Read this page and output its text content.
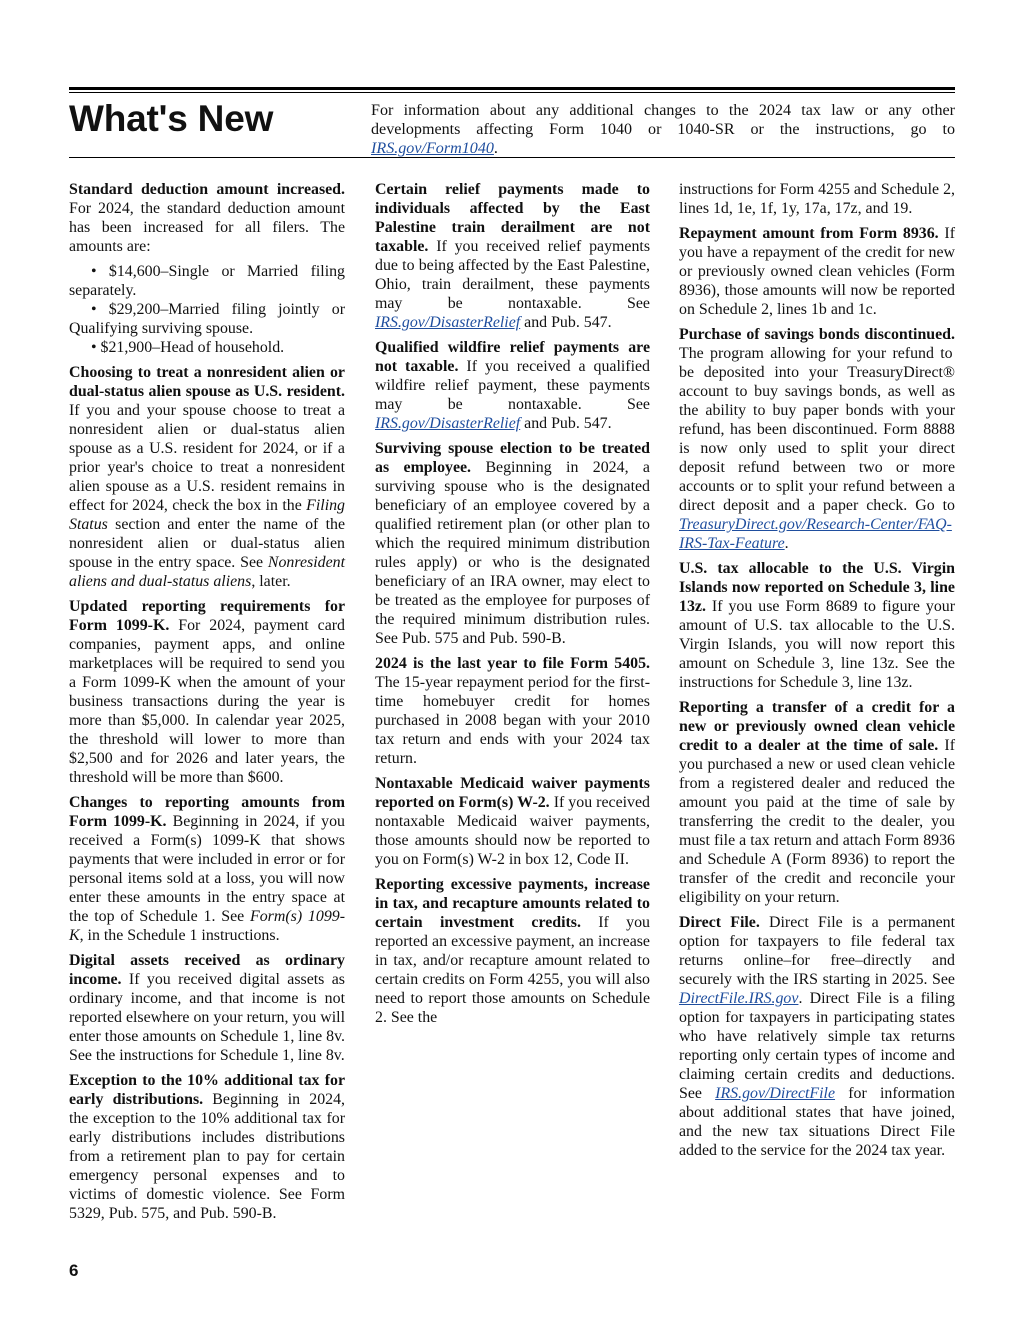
What's New	For information about any additional changes to the 2024 tax law or any other developments affecting Form 1040 or 1040-SR or the instructions, go to IRS.gov/Form1040.

Standard deduction amount increased. For 2024, the standard deduction amount has been increased for all filers. The amounts are:

• $14,600–Single or Married filing separately.

• $29,200–Married filing jointly or Qualifying surviving spouse.

• $21,900–Head of household.

Choosing to treat a nonresident alien or dual-status alien spouse as U.S. resident. If you and your spouse choose to treat a nonresident alien or dual-status alien spouse as a U.S. resident for 2024, or if a prior year's choice to treat a nonresident alien spouse as a U.S. resident remains in effect for 2024, check the box in the Filing Status section and enter the name of the nonresident alien or dual-status alien spouse in the entry space. See Nonresident aliens and dual-status aliens, later.

Updated reporting requirements for Form 1099-K. For 2024, payment card companies, payment apps, and online marketplaces will be required to send you a Form 1099-K when the amount of your business transactions during the year is more than $5,000. In calendar year 2025, the threshold will lower to more than $2,500 and for 2026 and later years, the threshold will be more than $600.

Changes to reporting amounts from Form 1099-K. Beginning in 2024, if you received a Form(s) 1099-K that shows payments that were included in error or for personal items sold at a loss, you will now enter these amounts in the entry space at the top of Schedule 1. See Form(s) 1099-K, in the Schedule 1 instructions.

Digital assets received as ordinary income. If you received digital assets as ordinary income, and that income is not reported elsewhere on your return, you will enter those amounts on Schedule 1, line 8v. See the instructions for Schedule 1, line 8v.

Exception to the 10% additional tax for early distributions. Beginning in 2024, the exception to the 10% additional tax for early distributions includes distributions from a retirement plan to pay for certain emergency personal expenses and to victims of domestic violence. See Form 5329, Pub. 575, and Pub. 590-B.

Certain relief payments made to individuals affected by the East Palestine train derailment are not taxable. If you received relief payments due to being affected by the East Palestine, Ohio, train derailment, these payments may be nontaxable. See IRS.gov/DisasterRelief and Pub. 547.

Qualified wildfire relief payments are not taxable. If you received a qualified wildfire relief payment, these payments may be nontaxable. See IRS.gov/DisasterRelief and Pub. 547.

Surviving spouse election to be treated as employee. Beginning in 2024, a surviving spouse who is the designated beneficiary of an employee covered by a qualified retirement plan (or other plan to which the required minimum distribution rules apply) or who is the designated beneficiary of an IRA owner, may elect to be treated as the employee for purposes of the required minimum distribution rules. See Pub. 575 and Pub. 590-B.

2024 is the last year to file Form 5405. The 15-year repayment period for the first-time homebuyer credit for homes purchased in 2008 began with your 2010 tax return and ends with your 2024 tax return.

Nontaxable Medicaid waiver payments reported on Form(s) W-2. If you received nontaxable Medicaid waiver payments, those amounts should now be reported to you on Form(s) W-2 in box 12, Code II.

Reporting excessive payments, increase in tax, and recapture amounts related to certain investment credits. If you reported an excessive payment, an increase in tax, and/or recapture amount related to certain credits on Form 4255, you will also need to report those amounts on Schedule 2. See the

instructions for Form 4255 and Schedule 2, lines 1d, 1e, 1f, 1y, 17a, 17z, and 19.

Repayment amount from Form 8936. If you have a repayment of the credit for new or previously owned clean vehicles (Form 8936), those amounts will now be reported on Schedule 2, lines 1b and 1c.

Purchase of savings bonds discontinued. The program allowing for your refund to be deposited into your TreasuryDirect® account to buy savings bonds, as well as the ability to buy paper bonds with your refund, has been discontinued. Form 8888 is now only used to split your direct deposit refund between two or more accounts or to split your refund between a direct deposit and a paper check. Go to TreasuryDirect.gov/Research-Center/FAQ-IRS-Tax-Feature.

U.S. tax allocable to the U.S. Virgin Islands now reported on Schedule 3, line 13z. If you use Form 8689 to figure your amount of U.S. tax allocable to the U.S. Virgin Islands, you will now report this amount on Schedule 3, line 13z. See the instructions for Schedule 3, line 13z.

Reporting a transfer of a credit for a new or previously owned clean vehicle credit to a dealer at the time of sale. If you purchased a new or used clean vehicle from a registered dealer and reduced the amount you paid at the time of sale by transferring the credit to the dealer, you must file a tax return and attach Form 8936 and Schedule A (Form 8936) to report the transfer of the credit and reconcile your eligibility on your return.

Direct File. Direct File is a permanent option for taxpayers to file federal tax returns online–for free–directly and securely with the IRS starting in 2025. See DirectFile.IRS.gov. Direct File is a filing option for taxpayers in participating states who have relatively simple tax returns reporting only certain types of income and claiming certain credits and deductions. See IRS.gov/DirectFile for information about additional states that have joined, and the new tax situations Direct File added to the service for the 2024 tax year.

6
